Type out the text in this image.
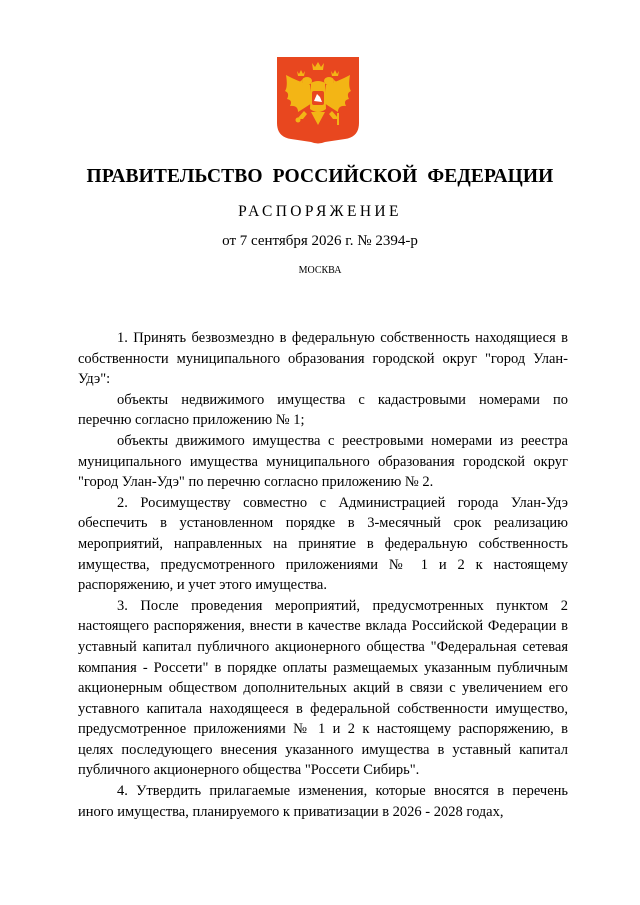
ПРАВИТЕЛЬСТВО РОССИЙСКОЙ ФЕДЕРАЦИИ
РАСПОРЯЖЕНИЕ
от 7 сентября 2026 г. № 2394-р
МОСКВА

1. Принять безвозмездно в федеральную собственность находящиеся в собственности муниципального образования городской округ "город Улан-Удэ":

объекты недвижимого имущества с кадастровыми номерами по перечню согласно приложению № 1;

объекты движимого имущества с реестровыми номерами из реестра муниципального имущества муниципального образования городской округ "город Улан-Удэ" по перечню согласно приложению № 2.

2. Росимуществу совместно с Администрацией города Улан-Удэ обеспечить в установленном порядке в 3-месячный срок реализацию мероприятий, направленных на принятие в федеральную собственность имущества, предусмотренного приложениями № 1 и 2 к настоящему распоряжению, и учет этого имущества.

3. После проведения мероприятий, предусмотренных пунктом 2 настоящего распоряжения, внести в качестве вклада Российской Федерации в уставный капитал публичного акционерного общества "Федеральная сетевая компания - Россети" в порядке оплаты размещаемых указанным публичным акционерным обществом дополнительных акций в связи с увеличением его уставного капитала находящееся в федеральной собственности имущество, предусмотренное приложениями № 1 и 2 к настоящему распоряжению, в целях последующего внесения указанного имущества в уставный капитал публичного акционерного общества "Россети Сибирь".

4. Утвердить прилагаемые изменения, которые вносятся в перечень иного имущества, планируемого к приватизации в 2026 - 2028 годах,
